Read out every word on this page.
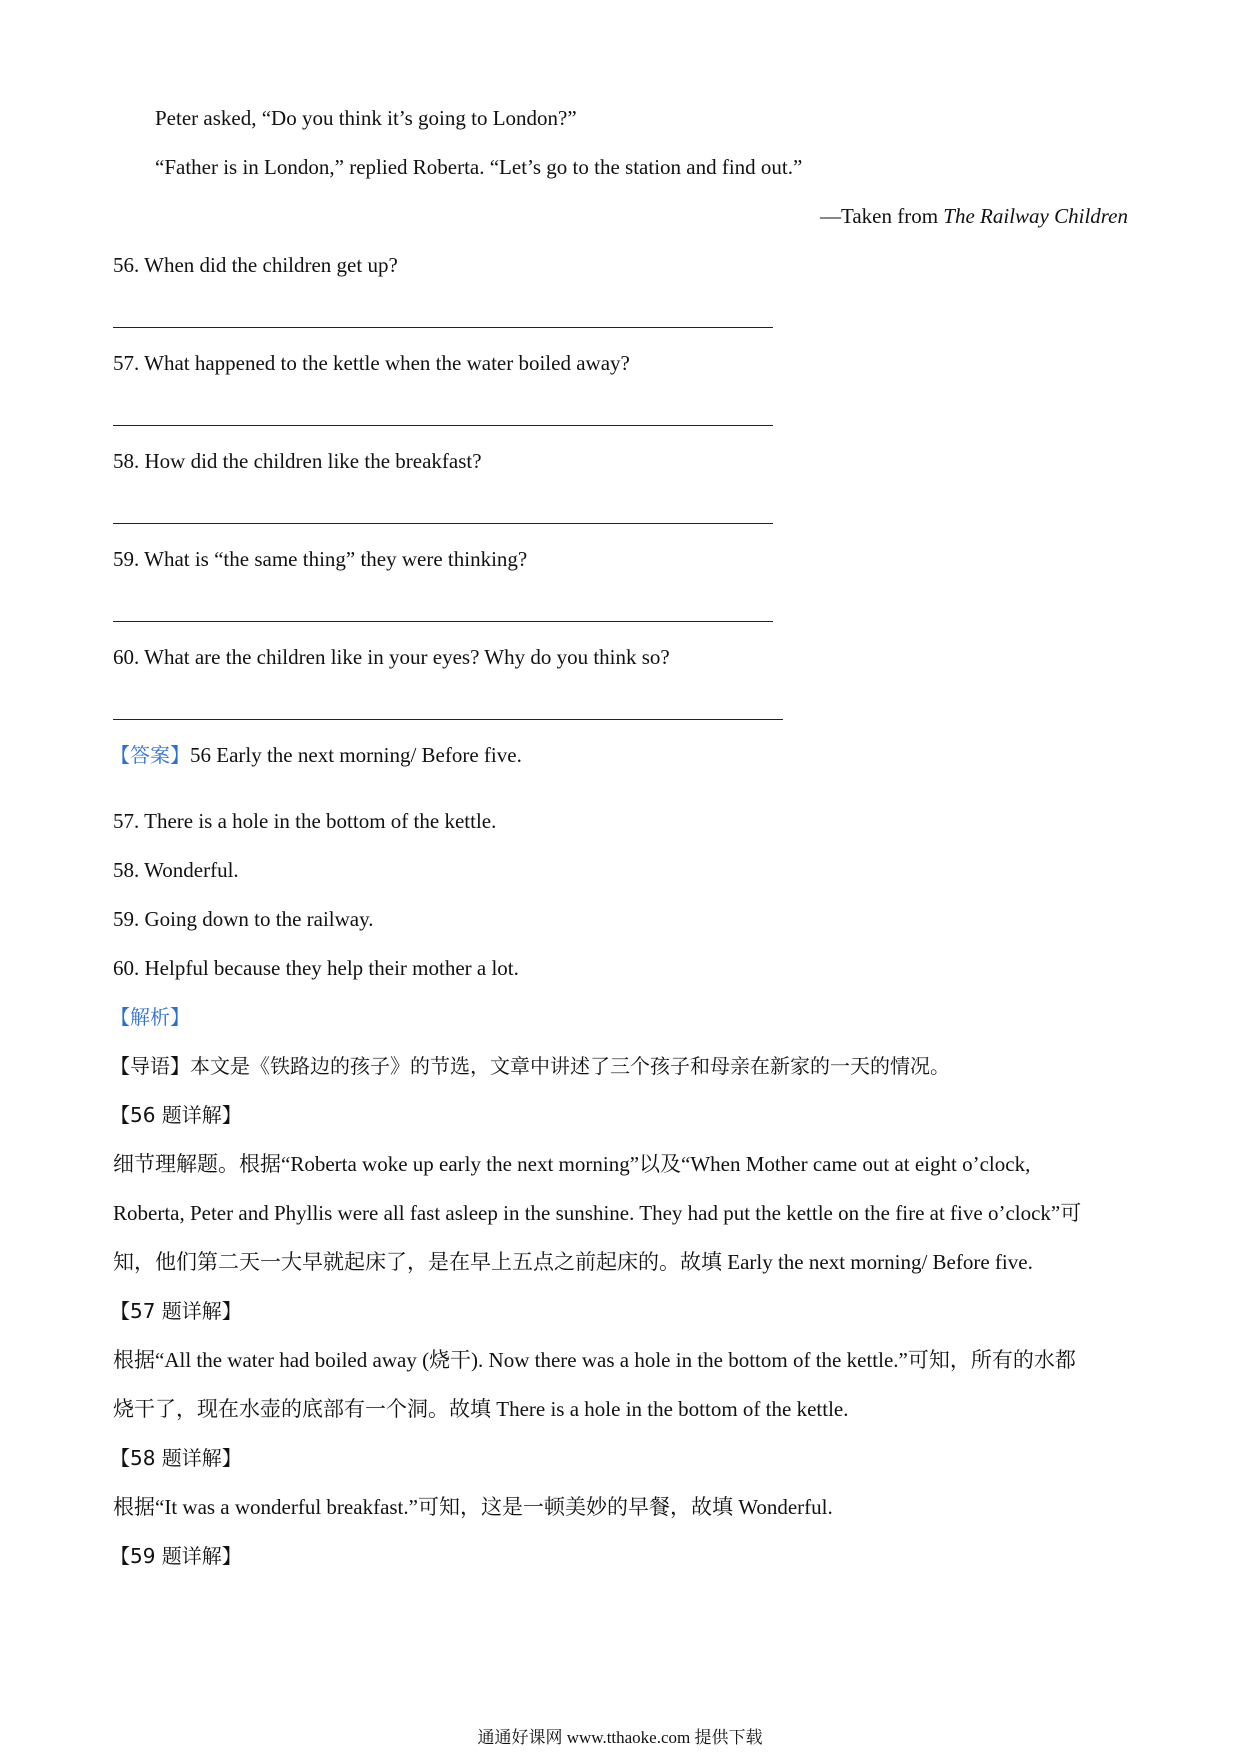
Peter asked, “Do you think it’s going to London?”
“Father is in London,” replied Roberta. “Let’s go to the station and find out.”
—Taken from The Railway Children
56. When did the children get up?
57. What happened to the kettle when the water boiled away?
58. How did the children like the breakfast?
59. What is “the same thing” they were thinking?
60. What are the children like in your eyes? Why do you think so?
【答案】56 Early the next morning/ Before five.
57. There is a hole in the bottom of the kettle.
58. Wonderful.
59. Going down to the railway.
60. Helpful because they help their mother a lot.
【解析】
【导语】本文是《铁路边的孩子》的节选，文章中讲述了三个孩子和母亲在新家的一天的情况。
【56 题详解】
细节理解题。根据“Roberta woke up early the next morning”以及“When Mother came out at eight o’clock,
Roberta, Peter and Phyllis were all fast asleep in the sunshine. They had put the kettle on the fire at five o’clock”可
知，他们第二天一大早就起床了，是在早上五点之前起床的。故填 Early the next morning/ Before five.
【57 题详解】
根据“All the water had boiled away (烧干). Now there was a hole in the bottom of the kettle.”可知，所有的水都
烧干了，现在水壶的底部有一个洞。故填 There is a hole in the bottom of the kettle.
【58 题详解】
根据“It was a wonderful breakfast.”可知，这是一顿美妙的早餐，故填 Wonderful.
【59 题详解】
通通好课网 www.tthaoke.com 提供下载
